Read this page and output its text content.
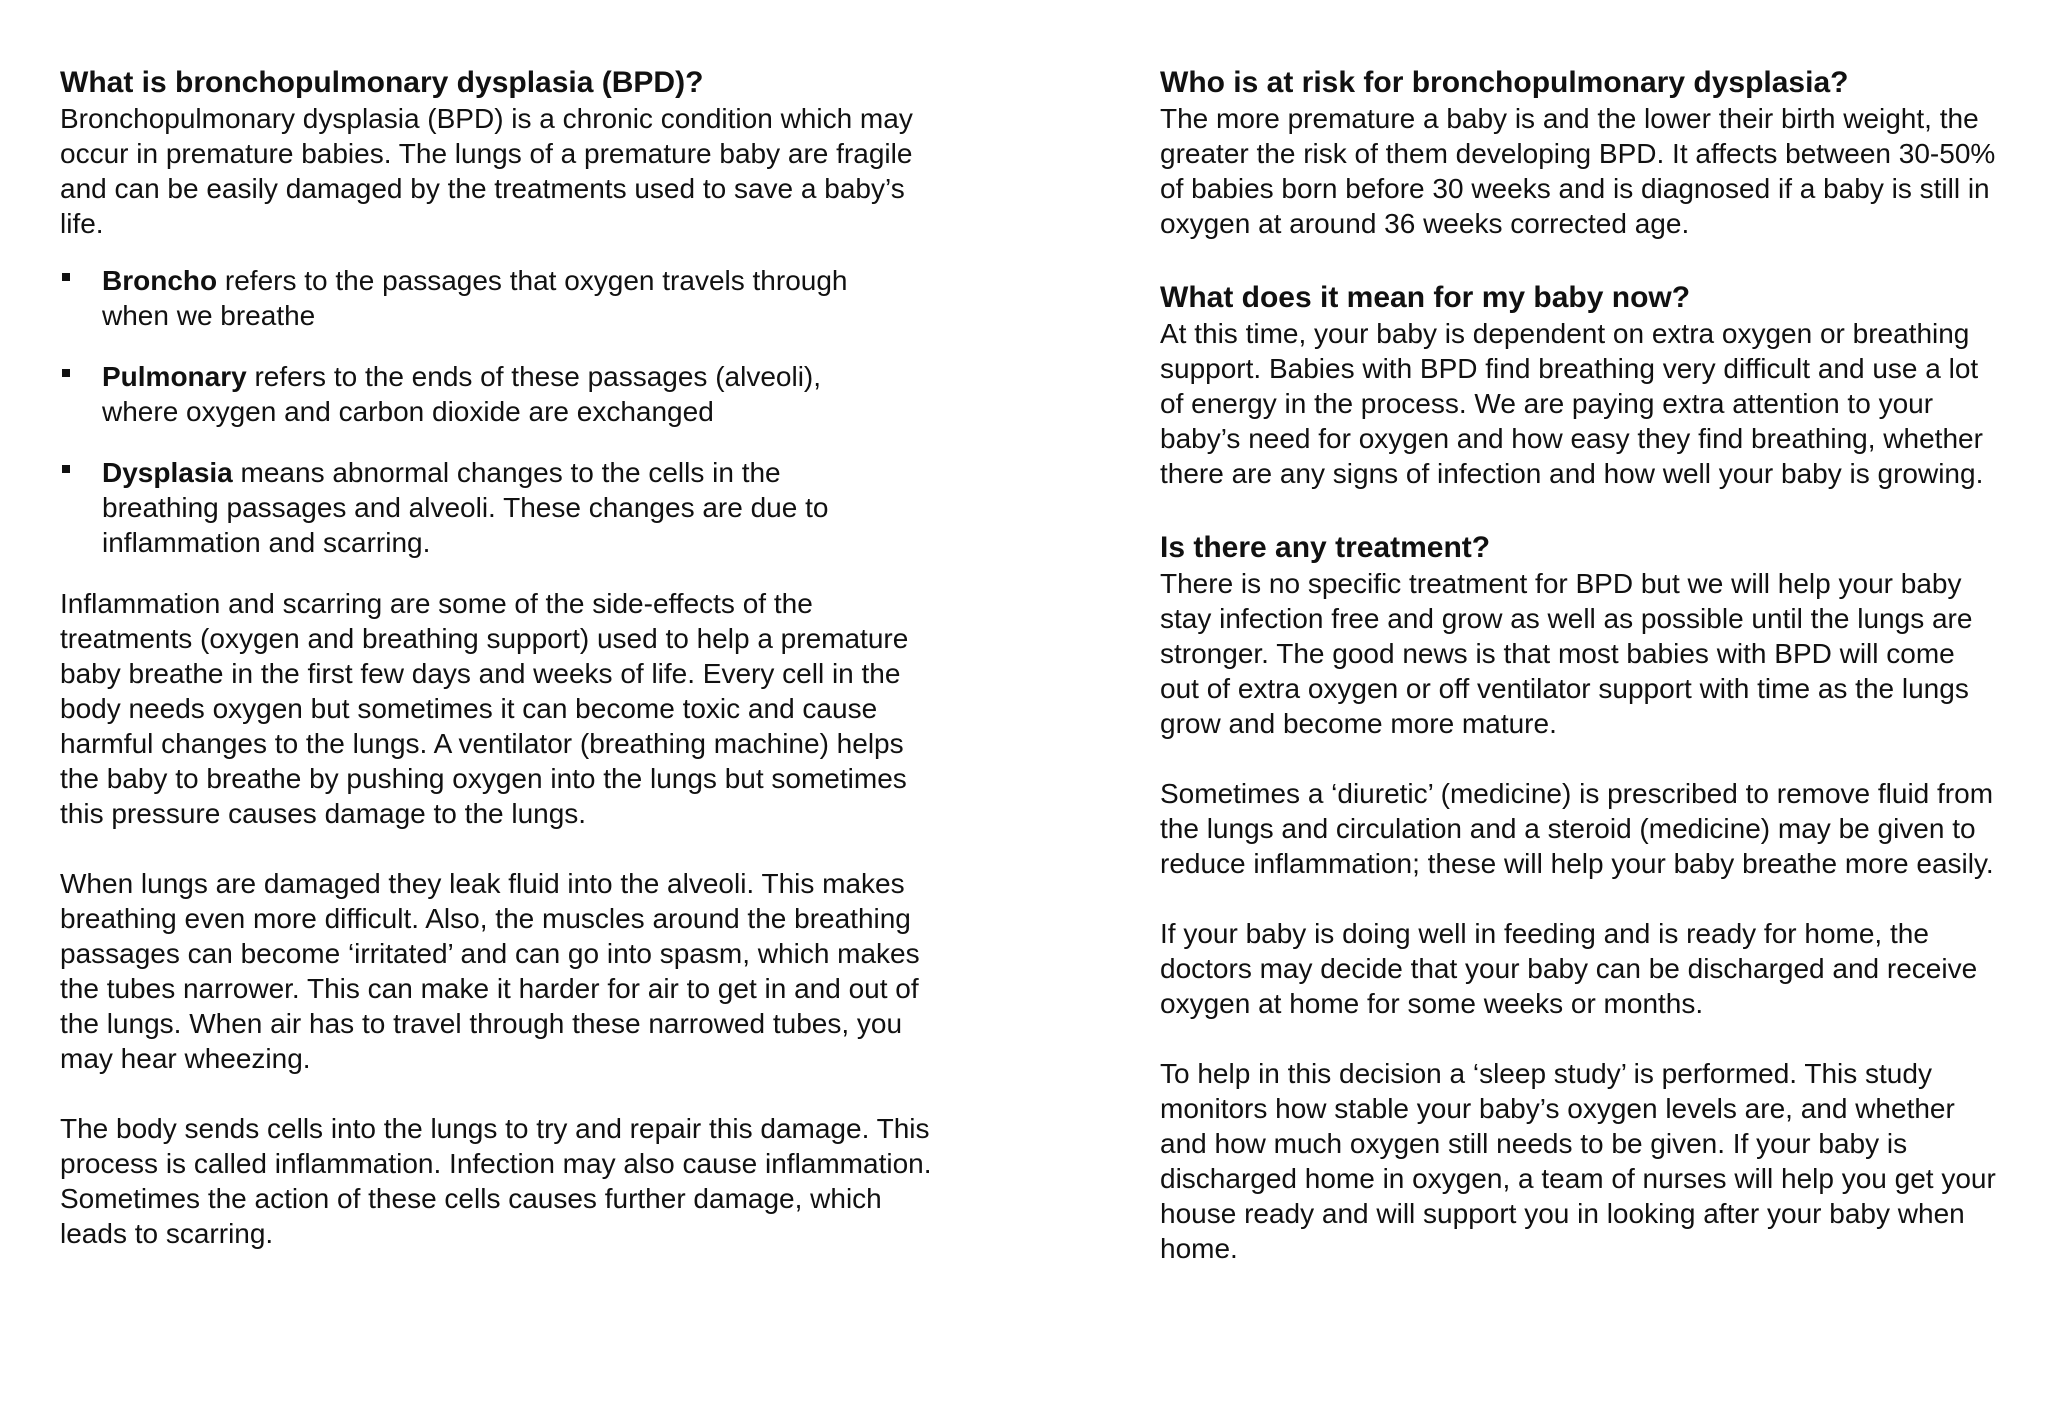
What is bronchopulmonary dysplasia (BPD)?

Bronchopulmonary dysplasia (BPD) is a chronic condition which may occur in premature babies. The lungs of a premature baby are fragile and can be easily damaged by the treatments used to save a baby’s life.

Broncho refers to the passages that oxygen travels through when we breathe
Pulmonary refers to the ends of these passages (alveoli), where oxygen and carbon dioxide are exchanged
Dysplasia means abnormal changes to the cells in the breathing passages and alveoli. These changes are due to inflammation and scarring.

Inflammation and scarring are some of the side-effects of the treatments (oxygen and breathing support) used to help a premature baby breathe in the first few days and weeks of life. Every cell in the body needs oxygen but sometimes it can become toxic and cause harmful changes to the lungs. A ventilator (breathing machine) helps the baby to breathe by pushing oxygen into the lungs but sometimes this pressure causes damage to the lungs.

When lungs are damaged they leak fluid into the alveoli. This makes breathing even more difficult. Also, the muscles around the breathing passages can become ‘irritated’ and can go into spasm, which makes the tubes narrower. This can make it harder for air to get in and out of the lungs. When air has to travel through these narrowed tubes, you may hear wheezing.

The body sends cells into the lungs to try and repair this damage. This process is called inflammation. Infection may also cause inflammation. Sometimes the action of these cells causes further damage, which leads to scarring.

Who is at risk for bronchopulmonary dysplasia?

The more premature a baby is and the lower their birth weight, the greater the risk of them developing BPD. It affects between 30-50% of babies born before 30 weeks and is diagnosed if a baby is still in oxygen at around 36 weeks corrected age.

What does it mean for my baby now?

At this time, your baby is dependent on extra oxygen or breathing support. Babies with BPD find breathing very difficult and use a lot of energy in the process. We are paying extra attention to your baby’s need for oxygen and how easy they find breathing, whether there are any signs of infection and how well your baby is growing.

Is there any treatment?

There is no specific treatment for BPD but we will help your baby stay infection free and grow as well as possible until the lungs are stronger. The good news is that most babies with BPD will come out of extra oxygen or off ventilator support with time as the lungs grow and become more mature.

Sometimes a ‘diuretic’ (medicine) is prescribed to remove fluid from the lungs and circulation and a steroid (medicine) may be given to reduce inflammation; these will help your baby breathe more easily.

If your baby is doing well in feeding and is ready for home, the doctors may decide that your baby can be discharged and receive oxygen at home for some weeks or months.

To help in this decision a ‘sleep study’ is performed. This study monitors how stable your baby’s oxygen levels are, and whether and how much oxygen still needs to be given. If your baby is discharged home in oxygen, a team of nurses will help you get your house ready and will support you in looking after your baby when home.
